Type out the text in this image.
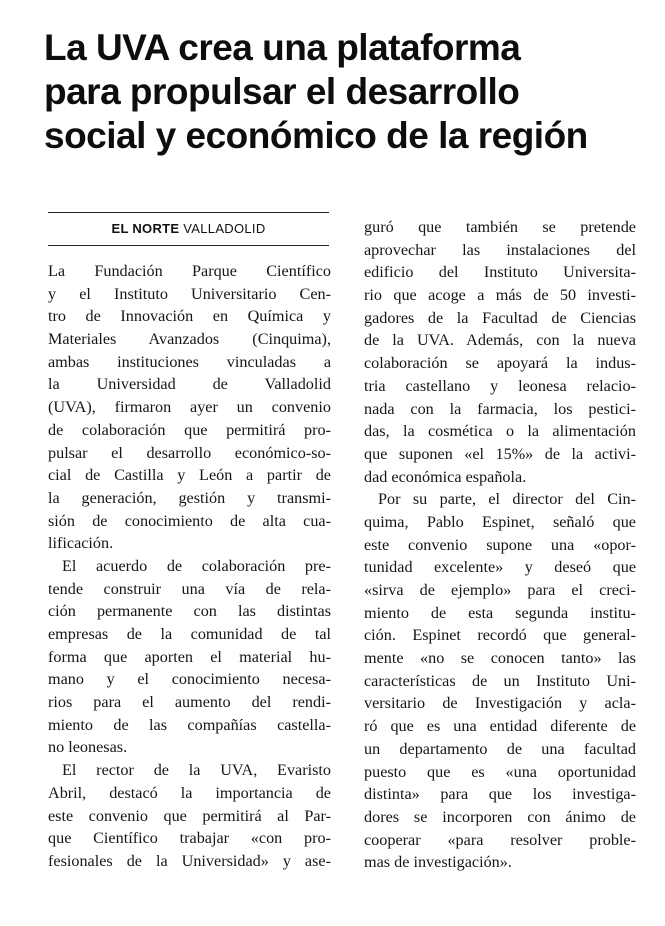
La UVA crea una plataforma
para propulsar el desarrollo
social y económico de la región
EL NORTE VALLADOLID
La Fundación Parque Científico
y el Instituto Universitario Cen-
tro de Innovación en Química y
Materiales Avanzados (Cinquima),
ambas instituciones vinculadas a
la Universidad de Valladolid
(UVA), firmaron ayer un convenio
de colaboración que permitirá pro-
pulsar el desarrollo económico-so-
cial de Castilla y León a partir de
la generación, gestión y transmi-
sión de conocimiento de alta cua-
lificación.
El acuerdo de colaboración pre-
tende construir una vía de rela-
ción permanente con las distintas
empresas de la comunidad de tal
forma que aporten el material hu-
mano y el conocimiento necesa-
rios para el aumento del rendi-
miento de las compañías castella-
no leonesas.
El rector de la UVA, Evaristo
Abril, destacó la importancia de
este convenio que permitirá al Par-
que Científico trabajar «con pro-
fesionales de la Universidad» y ase-
guró que también se pretende
aprovechar las instalaciones del
edificio del Instituto Universita-
rio que acoge a más de 50 investi-
gadores de la Facultad de Ciencias
de la UVA. Además, con la nueva
colaboración se apoyará la indus-
tria castellano y leonesa relacio-
nada con la farmacia, los pestici-
das, la cosmética o la alimentación
que suponen «el 15%» de la activi-
dad económica española.
Por su parte, el director del Cin-
quima, Pablo Espinet, señaló que
este convenio supone una «opor-
tunidad excelente» y deseó que
«sirva de ejemplo» para el creci-
miento de esta segunda institu-
ción. Espinet recordó que general-
mente «no se conocen tanto» las
características de un Instituto Uni-
versitario de Investigación y acla-
ró que es una entidad diferente de
un departamento de una facultad
puesto que es «una oportunidad
distinta» para que los investiga-
dores se incorporen con ánimo de
cooperar «para resolver proble-
mas de investigación».
